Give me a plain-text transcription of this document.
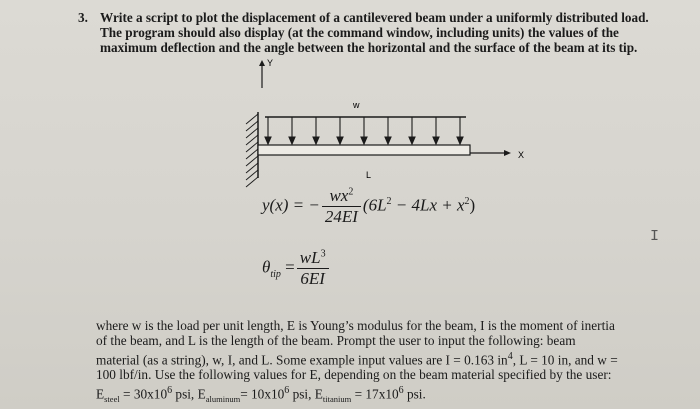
3. Write a script to plot the displacement of a cantilevered beam under a uniformly distributed load.
The program should also display (at the command window, including units) the values of the
maximum deflection and the angle between the horizontal and the surface of the beam at its tip.
Y
X
w
L
y(x) = − $\frac{wx^2}{24EI} (6L^2 - 4Lx + x^2)$
$\theta_{tip} = \frac{wL^3}{6EI}$
I
where w is the load per unit length, E is Young’s modulus for the beam, I is the moment of inertia
of the beam, and L is the length of the beam. Prompt the user to input the following: beam
material (as a string), w, I, and L. Some example input values are I = 0.163 $in^4$, L = 10 in, and w =
100 lbf/in. Use the following values for E, depending on the beam material specified by the user:
$E_{steel} = 30x10^6$ psi, $E_{aluminum}= 10x10^6$ psi, $E_{titanium} = 17x10^6$ psi.
